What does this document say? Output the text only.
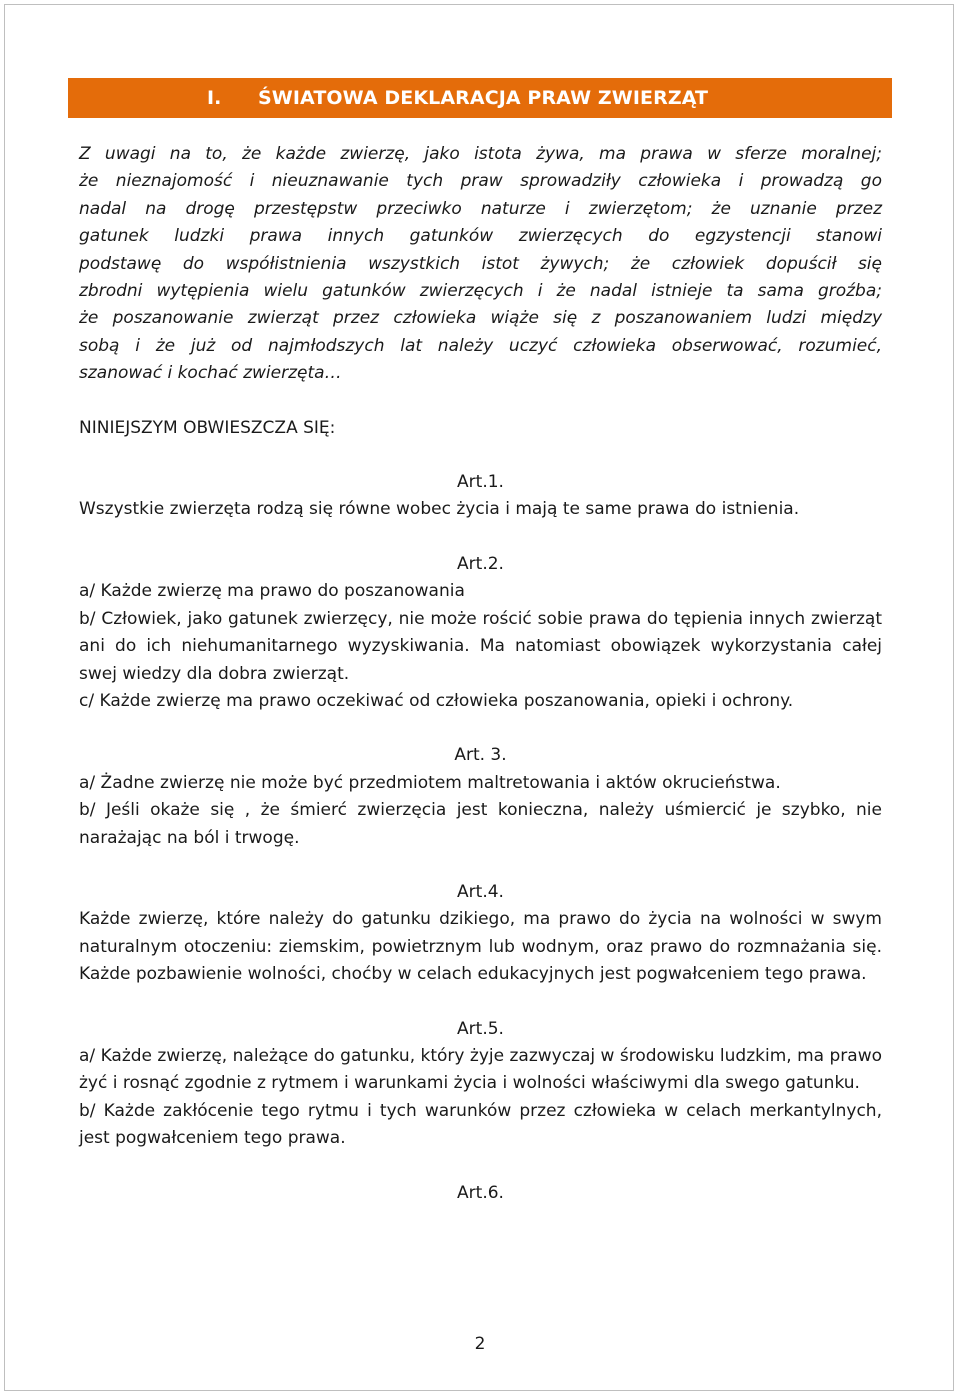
I. ŚWIATOWA DEKLARACJA PRAW ZWIERZĄT

Z uwagi na to, że każde zwierzę, jako istota żywa, ma prawa w sferze moralnej;

że nieznajomość i nieuznawanie tych praw sprowadziły człowieka i prowadzą go

nadal na drogę przestępstw przeciwko naturze i zwierzętom; że uznanie przez

gatunek ludzki prawa innych gatunków zwierzęcych do egzystencji stanowi

podstawę do współistnienia wszystkich istot żywych; że człowiek dopuścił się

zbrodni wytępienia wielu gatunków zwierzęcych i że nadal istnieje ta sama groźba;

że poszanowanie zwierząt przez człowieka wiąże się z poszanowaniem ludzi między

sobą i że już od najmłodszych lat należy uczyć człowieka obserwować, rozumieć,

szanować i kochać zwierzęta…

NINIEJSZYM OBWIESZCZA SIĘ:

Art.1.

Wszystkie zwierzęta rodzą się równe wobec życia i mają te same prawa do istnienia.

Art.2.

a/ Każde zwierzę ma prawo do poszanowania

b/ Człowiek, jako gatunek zwierzęcy, nie może rościć sobie prawa do tępienia innych zwierząt ani do ich niehumanitarnego wyzyskiwania. Ma natomiast obowiązek wykorzystania całej swej wiedzy dla dobra zwierząt.

c/ Każde zwierzę ma prawo oczekiwać od człowieka poszanowania, opieki i ochrony.

Art. 3.

a/ Żadne zwierzę nie może być przedmiotem maltretowania i aktów okrucieństwa.

b/ Jeśli okaże się , że śmierć zwierzęcia jest konieczna, należy uśmiercić je szybko, nie narażając na ból i trwogę.

Art.4.

Każde zwierzę, które należy do gatunku dzikiego, ma prawo do życia na wolności w swym naturalnym otoczeniu: ziemskim, powietrznym lub wodnym, oraz prawo do rozmnażania się. Każde pozbawienie wolności, choćby w celach edukacyjnych jest pogwałceniem tego prawa.

Art.5.

a/ Każde zwierzę, należące do gatunku, który żyje zazwyczaj w środowisku ludzkim, ma prawo żyć i rosnąć zgodnie z rytmem i warunkami życia i wolności właściwymi dla swego gatunku.

b/ Każde zakłócenie tego rytmu i tych warunków przez człowieka w celach merkantylnych, jest pogwałceniem tego prawa.

Art.6.

2
